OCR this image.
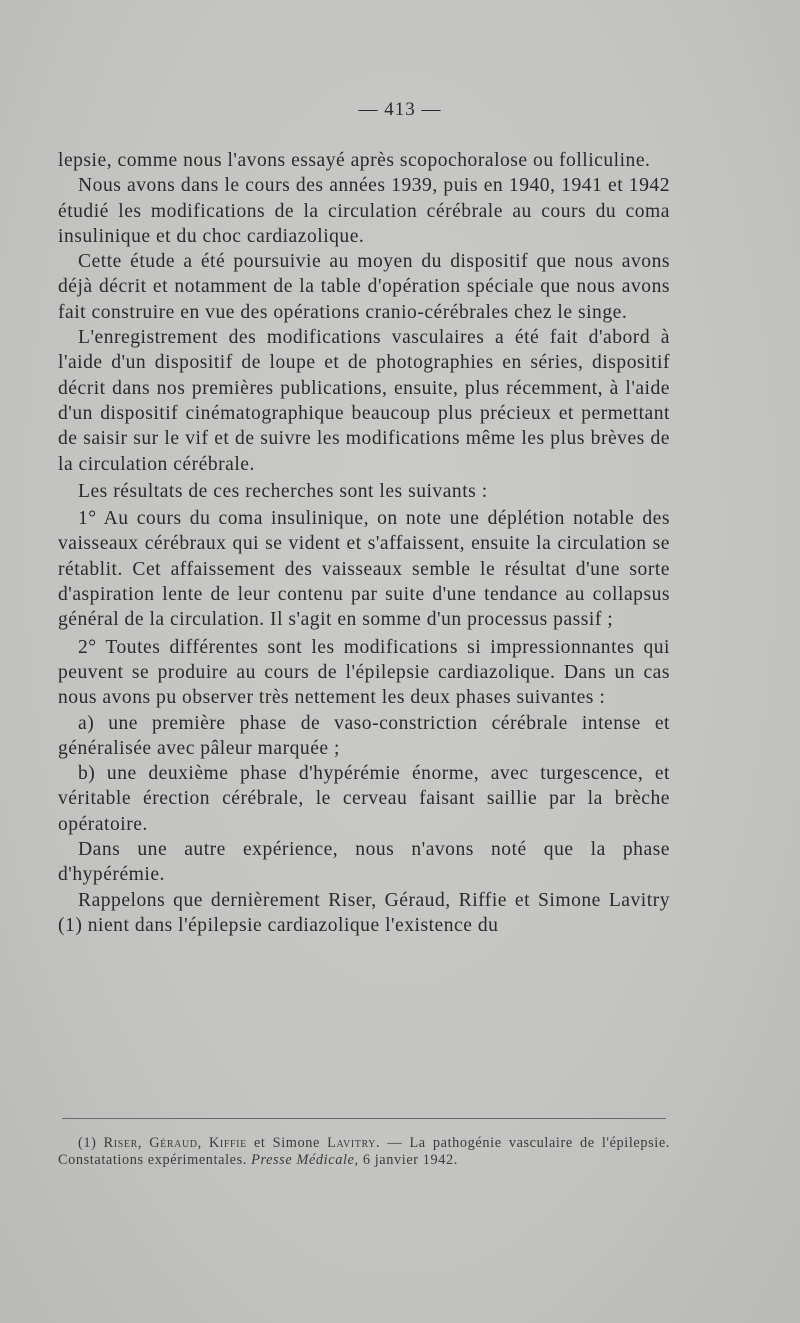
— 413 —

lepsie, comme nous l'avons essayé après scopochoralose ou folliculine.

Nous avons dans le cours des années 1939, puis en 1940, 1941 et 1942 étudié les modifications de la circulation cérébrale au cours du coma insulinique et du choc cardiazolique.

Cette étude a été poursuivie au moyen du dispositif que nous avons déjà décrit et notamment de la table d'opération spéciale que nous avons fait construire en vue des opérations cranio-cérébrales chez le singe.

L'enregistrement des modifications vasculaires a été fait d'abord à l'aide d'un dispositif de loupe et de photographies en séries, dispositif décrit dans nos premières publications, ensuite, plus récemment, à l'aide d'un dispositif cinématographique beaucoup plus précieux et permettant de saisir sur le vif et de suivre les modifications même les plus brèves de la circulation cérébrale.

Les résultats de ces recherches sont les suivants :

1° Au cours du coma insulinique, on note une déplétion notable des vaisseaux cérébraux qui se vident et s'affaissent, ensuite la circulation se rétablit. Cet affaissement des vaisseaux semble le résultat d'une sorte d'aspiration lente de leur contenu par suite d'une tendance au collapsus général de la circulation. Il s'agit en somme d'un processus passif ;

2° Toutes différentes sont les modifications si impressionnantes qui peuvent se produire au cours de l'épilepsie cardiazolique. Dans un cas nous avons pu observer très nettement les deux phases suivantes :

a) une première phase de vaso-constriction cérébrale intense et généralisée avec pâleur marquée ;

b) une deuxième phase d'hypérémie énorme, avec turgescence, et véritable érection cérébrale, le cerveau faisant saillie par la brèche opératoire.

Dans une autre expérience, nous n'avons noté que la phase d'hypérémie.

Rappelons que dernièrement Riser, Géraud, Riffie et Simone Lavitry (1) nient dans l'épilepsie cardiazolique l'existence du

(1) Riser, Géraud, Kiffie et Simone Lavitry. — La pathogénie vasculaire de l'épilepsie. Constatations expérimentales. Presse Médicale, 6 janvier 1942.
